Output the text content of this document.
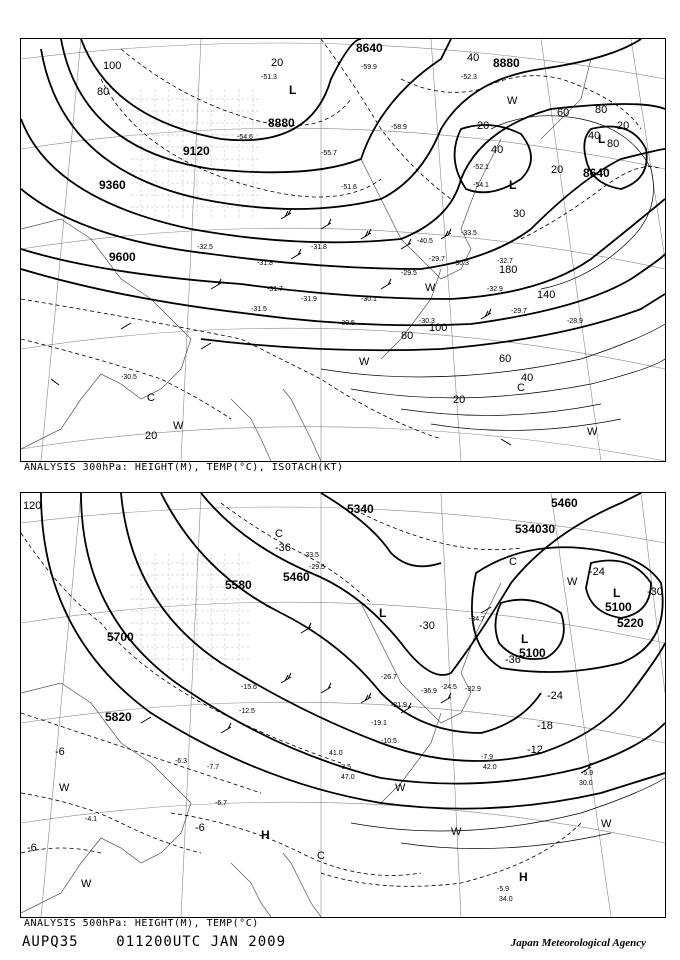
8640
8880
8880
9120
9360
9600
8640
100
80
20	40
20
40
60 80
20
40
30
20
180
140
100
80
60
40
20
20
80
L
L
L
W
W
W
C
C
W	W
-51.3
-54.6
-55.7
-58.9
-59.9
-52.3
-51.6
-52.1
-54.1
-31.8
-33.5
-29.7
-30.3
-31.8
-29.5
-30.1
-32.7
-31.7
-31.9
-30.5	-30.3
-30.5
-31.5
-28.9
-29.7
-32.5
-32.9
-40.5
ANALYSIS 300hPa: HEIGHT(M), TEMP(°C), ISOTACH(KT)
5340	5460
5580
5700
5820
5460
534030
5100
5100
5220
-36
-30
-36
-24
-30
-24
-18
-12
-6
-6
-6
120
C
L
L
L
W
W	W
W
H
H
C
C
W
W
-29.5
-33.5
-26.7
-24.5
-21.9
-19.1
-15.6
-12.5
-10.5
-7.9
-5.9
-3.5
-6.7
-7.7
-6.3
-4.1
-5.9
34.0
30.0
42.0
47.0
41.0
-32.9
-34.7
-36.9
ANALYSIS 500hPa: HEIGHT(M), TEMP(°C)
AUPQ35    011200UTC JAN 2009	Japan Meteorological Agency
